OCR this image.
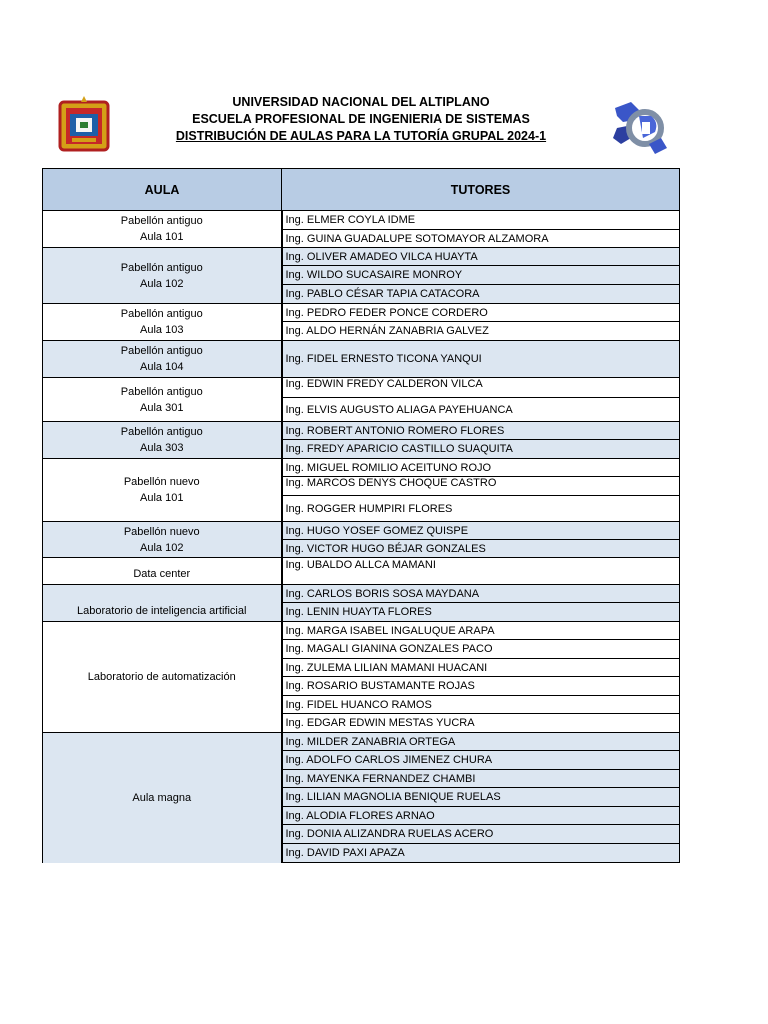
UNIVERSIDAD NACIONAL DEL ALTIPLANO
ESCUELA PROFESIONAL DE INGENIERIA DE SISTEMAS
DISTRIBUCIÓN DE AULAS PARA LA TUTORÍA GRUPAL 2024-1
AULA	TUTORES
Pabellón antiguo
Aula 101	Ing. ELMER COYLA IDME
	Ing. GUINA GUADALUPE SOTOMAYOR ALZAMORA
Pabellón antiguo
Aula 102	Ing. OLIVER AMADEO VILCA HUAYTA
	Ing. WILDO SUCASAIRE MONROY
	Ing. PABLO CÉSAR TAPIA CATACORA
Pabellón antiguo
Aula 103	Ing. PEDRO FEDER PONCE CORDERO
	Ing. ALDO HERNÁN ZANABRIA GALVEZ
Pabellón antiguo
Aula 104	Ing. FIDEL ERNESTO TICONA YANQUI
Pabellón antiguo
Aula 301	Ing. EDWIN FREDY CALDERON VILCA
	Ing. ELVIS AUGUSTO ALIAGA PAYEHUANCA
Pabellón antiguo
Aula 303	Ing. ROBERT ANTONIO ROMERO FLORES
	Ing. FREDY APARICIO CASTILLO SUAQUITA
Pabellón nuevo
Aula 101	Ing. MIGUEL ROMILIO ACEITUNO ROJO
	Ing. MARCOS DENYS CHOQUE CASTRO
	Ing. ROGGER HUMPIRI FLORES
Pabellón nuevo
Aula 102	Ing. HUGO YOSEF GOMEZ QUISPE
	Ing. VICTOR HUGO BÉJAR GONZALES
Data center	Ing. UBALDO ALLCA MAMANI
Laboratorio de inteligencia artificial	Ing. CARLOS BORIS SOSA MAYDANA
	Ing. LENIN HUAYTA FLORES
Laboratorio de automatización	Ing. MARGA ISABEL INGALUQUE ARAPA
	Ing. MAGALI GIANINA GONZALES PACO
	Ing. ZULEMA LILIAN MAMANI HUACANI
	Ing. ROSARIO BUSTAMANTE ROJAS
	Ing. FIDEL HUANCO RAMOS
	Ing. EDGAR EDWIN MESTAS YUCRA
Aula magna	Ing. MILDER ZANABRIA ORTEGA
	Ing. ADOLFO CARLOS JIMENEZ CHURA
	Ing. MAYENKA FERNANDEZ CHAMBI
	Ing. LILIAN MAGNOLIA BENIQUE RUELAS
	Ing. ALODIA FLORES ARNAO
	Ing. DONIA ALIZANDRA RUELAS ACERO
	Ing. DAVID PAXI APAZA
